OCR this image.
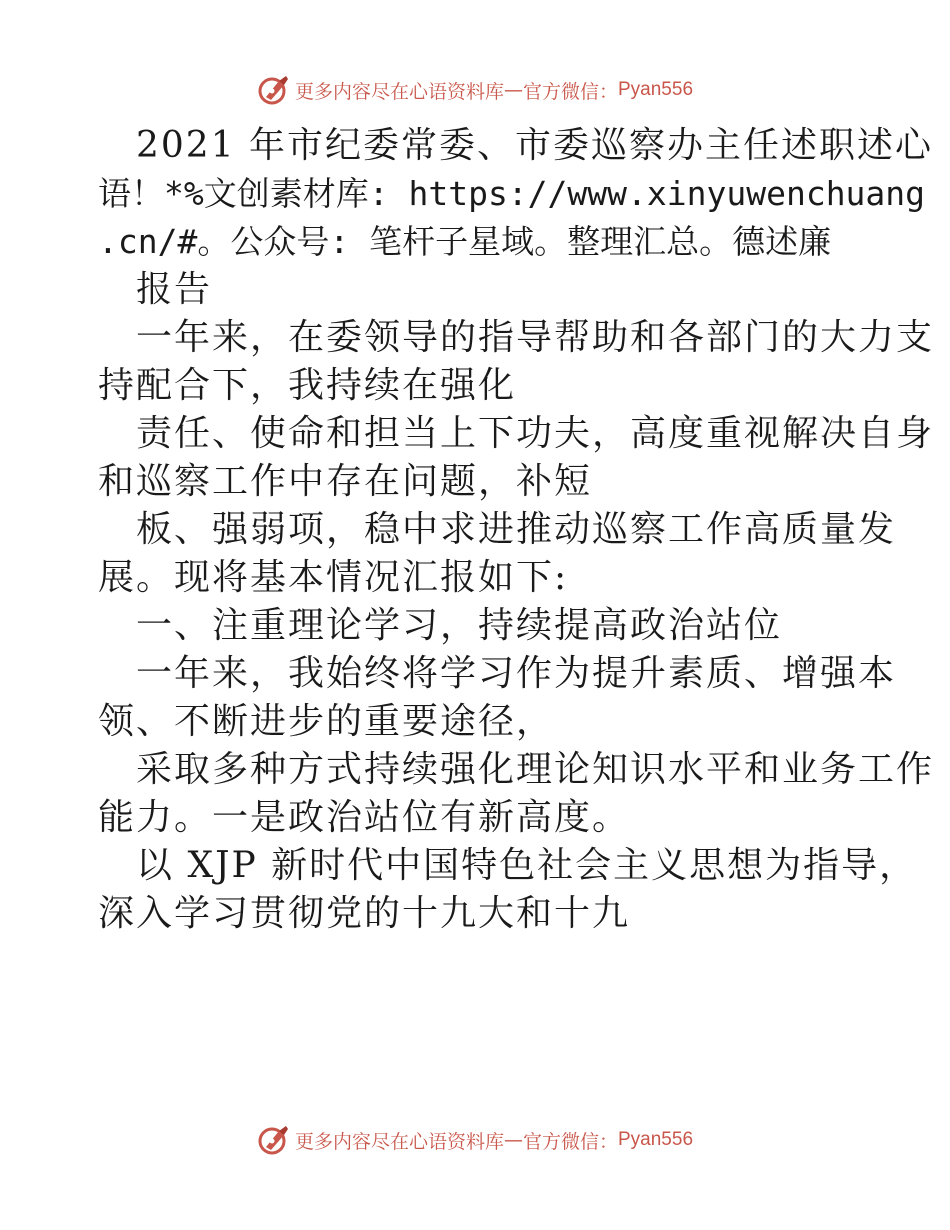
更多内容尽在心语资料库 — 官方微信： Pyan556
2021 年市纪委常委、市委巡察办主任述职述心
语！*%文创素材库: https://www.xinyuwenchuang
.cn/#。公众号: 笔杆子星域。整理汇总。德述廉
报告
一年来，在委领导的指导帮助和各部门的大力支
持配合下，我持续在强化
责任、使命和担当上下功夫，高度重视解决自身
和巡察工作中存在问题，补短
板、强弱项，稳中求进推动巡察工作高质量发
展。现将基本情况汇报如下:
一、注重理论学习，持续提高政治站位
一年来，我始终将学习作为提升素质、增强本
领、不断进步的重要途径，
采取多种方式持续强化理论知识水平和业务工作
能力。一是政治站位有新高度。
以 XJP 新时代中国特色社会主义思想为指导，
深入学习贯彻党的十九大和十九
更多内容尽在心语资料库 — 官方微信： Pyan556
